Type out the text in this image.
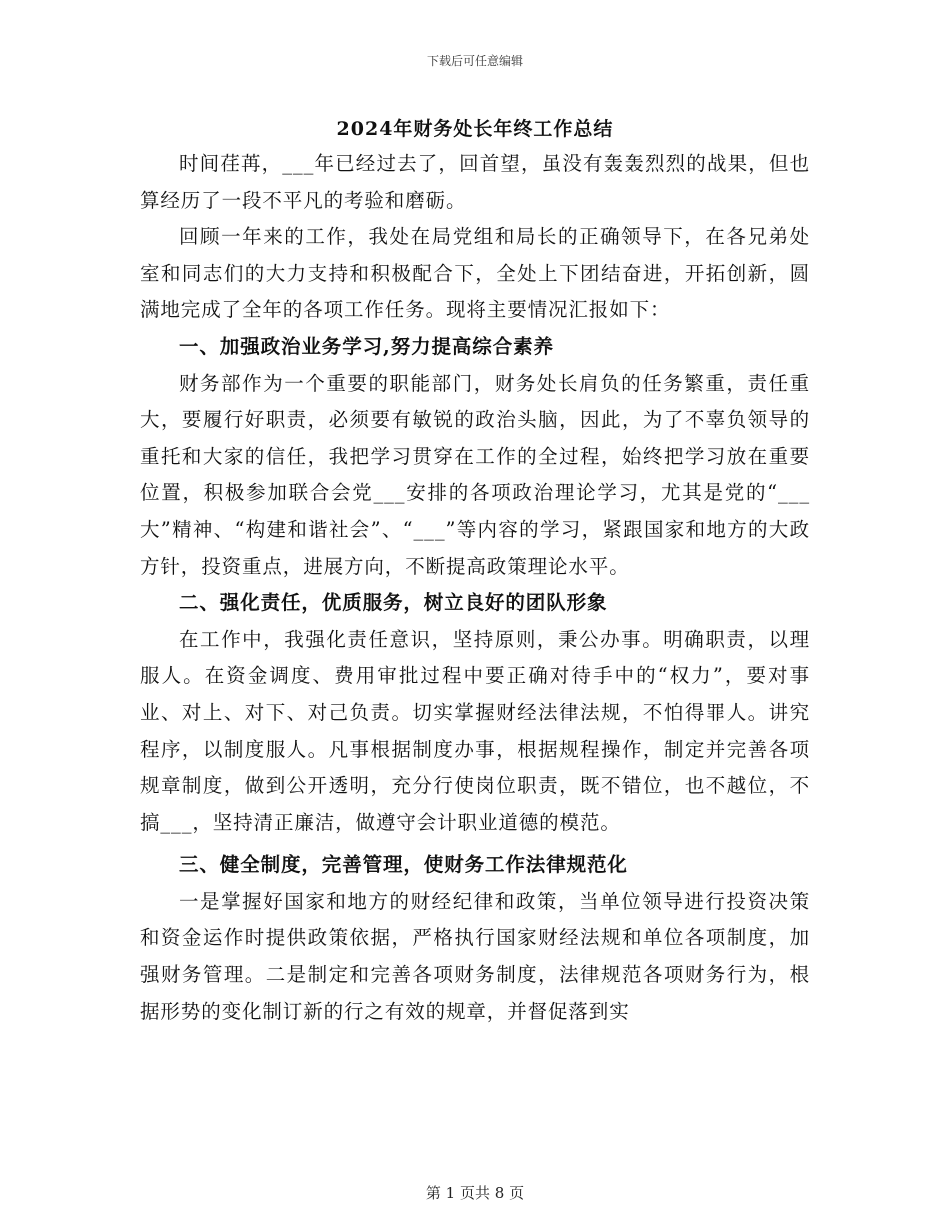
下载后可任意编辑
2024年财务处长年终工作总结

时间荏苒，___年已经过去了，回首望，虽没有轰轰烈烈的战果，但也算经历了一段不平凡的考验和磨砺。

回顾一年来的工作，我处在局党组和局长的正确领导下，在各兄弟处室和同志们的大力支持和积极配合下，全处上下团结奋进，开拓创新，圆满地完成了全年的各项工作任务。现将主要情况汇报如下：

一、加强政治业务学习,努力提高综合素养

财务部作为一个重要的职能部门，财务处长肩负的任务繁重，责任重大，要履行好职责，必须要有敏锐的政治头脑，因此，为了不辜负领导的重托和大家的信任，我把学习贯穿在工作的全过程，始终把学习放在重要位置，积极参加联合会党___安排的各项政治理论学习，尤其是党的“___大”精神、“构建和谐社会”、“___”等内容的学习，紧跟国家和地方的大政方针，投资重点，进展方向，不断提高政策理论水平。

二、强化责任，优质服务，树立良好的团队形象

在工作中，我强化责任意识，坚持原则，秉公办事。明确职责，以理服人。在资金调度、费用审批过程中要正确对待手中的“权力”，要对事业、对上、对下、对己负责。切实掌握财经法律法规，不怕得罪人。讲究程序，以制度服人。凡事根据制度办事，根据规程操作，制定并完善各项规章制度，做到公开透明，充分行使岗位职责，既不错位，也不越位，不搞___，坚持清正廉洁，做遵守会计职业道德的模范。

三、健全制度，完善管理，使财务工作法律规范化

一是掌握好国家和地方的财经纪律和政策，当单位领导进行投资决策和资金运作时提供政策依据，严格执行国家财经法规和单位各项制度，加强财务管理。二是制定和完善各项财务制度，法律规范各项财务行为，根据形势的变化制订新的行之有效的规章，并督促落到实

第 1 页共 8 页
